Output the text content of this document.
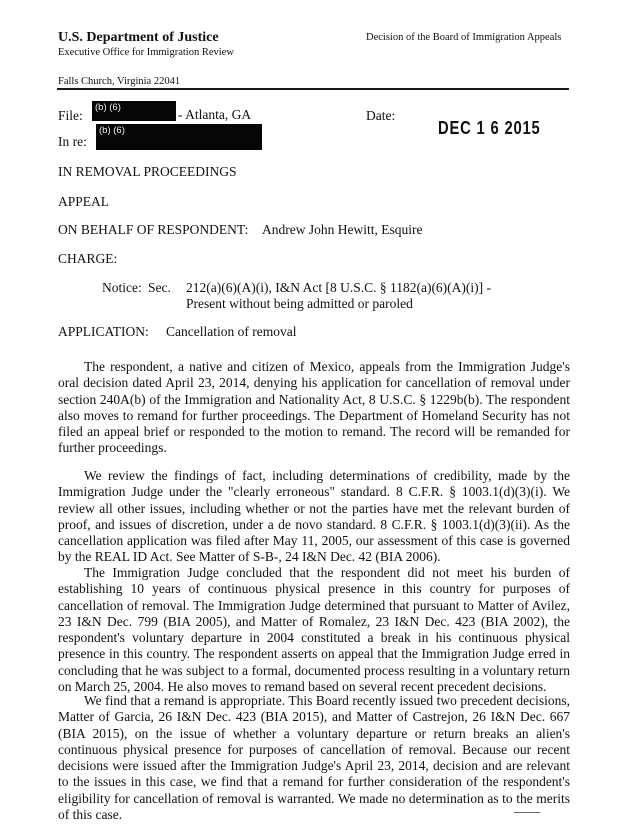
U.S. Department of Justice
Executive Office for Immigration Review
Decision of the Board of Immigration Appeals
Falls Church, Virginia 22041
File:
(b) (6)	- Atlanta, GA	Date:
DEC 1 6 2015
In re:
(b) (6)
IN REMOVAL PROCEEDINGS
APPEAL
ON BEHALF OF RESPONDENT: Andrew John Hewitt, Esquire
CHARGE:
Notice: Sec. 212(a)(6)(A)(i), I&N Act [8 U.S.C. § 1182(a)(6)(A)(i)] -
Present without being admitted or paroled
APPLICATION: Cancellation of removal

The respondent, a native and citizen of Mexico, appeals from the Immigration Judge's oral decision dated April 23, 2014, denying his application for cancellation of removal under section 240A(b) of the Immigration and Nationality Act, 8 U.S.C. § 1229b(b). The respondent also moves to remand for further proceedings. The Department of Homeland Security has not filed an appeal brief or responded to the motion to remand. The record will be remanded for further proceedings.

We review the findings of fact, including determinations of credibility, made by the Immigration Judge under the "clearly erroneous" standard. 8 C.F.R. § 1003.1(d)(3)(i). We review all other issues, including whether or not the parties have met the relevant burden of proof, and issues of discretion, under a de novo standard. 8 C.F.R. § 1003.1(d)(3)(ii). As the cancellation application was filed after May 11, 2005, our assessment of this case is governed by the REAL ID Act. See Matter of S-B-, 24 I&N Dec. 42 (BIA 2006).

The Immigration Judge concluded that the respondent did not meet his burden of establishing 10 years of continuous physical presence in this country for purposes of cancellation of removal. The Immigration Judge determined that pursuant to Matter of Avilez, 23 I&N Dec. 799 (BIA 2005), and Matter of Romalez, 23 I&N Dec. 423 (BIA 2002), the respondent's voluntary departure in 2004 constituted a break in his continuous physical presence in this country. The respondent asserts on appeal that the Immigration Judge erred in concluding that he was subject to a formal, documented process resulting in a voluntary return on March 25, 2004. He also moves to remand based on several recent precedent decisions.

We find that a remand is appropriate. This Board recently issued two precedent decisions, Matter of Garcia, 26 I&N Dec. 423 (BIA 2015), and Matter of Castrejon, 26 I&N Dec. 667 (BIA 2015), on the issue of whether a voluntary departure or return breaks an alien's continuous physical presence for purposes of cancellation of removal. Because our recent decisions were issued after the Immigration Judge's April 23, 2014, decision and are relevant to the issues in this case, we find that a remand for further consideration of the respondent's eligibility for cancellation of removal is warranted. We made no determination as to the merits of this case.
